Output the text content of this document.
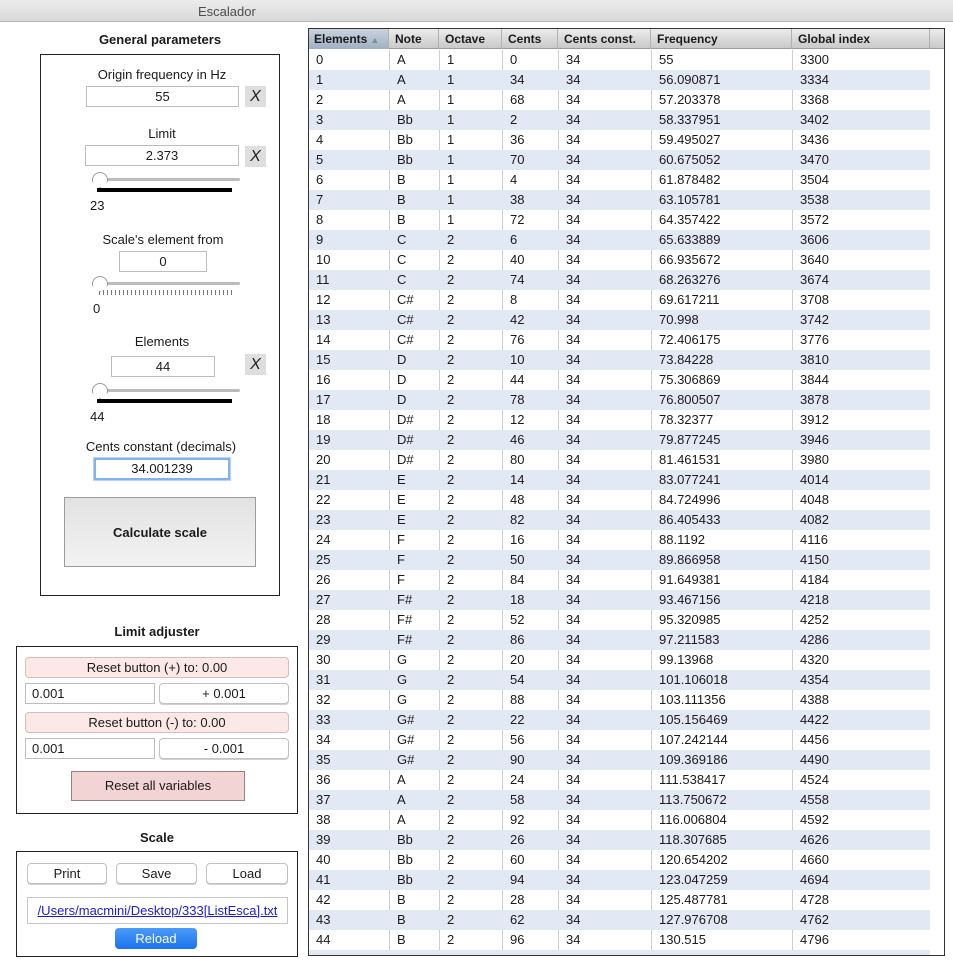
Escalador
General parameters
Origin frequency in Hz
55	X
Limit
2.373	X
23
Scale's element from
0
0
Elements
44	X
44
Cents constant (decimals)
34.001239
Calculate scale
Limit adjuster
Reset button (+) to: 0.00
0.001	+ 0.001
Reset button (-) to: 0.00
0.001	- 0.001
Reset all variables
Scale
Print	Save	Load
/Users/macmini/Desktop/333[ListEsca].txt
Reload
Elements ▲	Note	Octave	Cents	Cents const.	Frequency	Global index
0	A	1	0	34	55	3300
1	A	1	34	34	56.090871	3334
2	A	1	68	34	57.203378	3368
3	Bb	1	2	34	58.337951	3402
4	Bb	1	36	34	59.495027	3436
5	Bb	1	70	34	60.675052	3470
6	B	1	4	34	61.878482	3504
7	B	1	38	34	63.105781	3538
8	B	1	72	34	64.357422	3572
9	C	2	6	34	65.633889	3606
10	C	2	40	34	66.935672	3640
11	C	2	74	34	68.263276	3674
12	C#	2	8	34	69.617211	3708
13	C#	2	42	34	70.998	3742
14	C#	2	76	34	72.406175	3776
15	D	2	10	34	73.84228	3810
16	D	2	44	34	75.306869	3844
17	D	2	78	34	76.800507	3878
18	D#	2	12	34	78.32377	3912
19	D#	2	46	34	79.877245	3946
20	D#	2	80	34	81.461531	3980
21	E	2	14	34	83.077241	4014
22	E	2	48	34	84.724996	4048
23	E	2	82	34	86.405433	4082
24	F	2	16	34	88.1192	4116
25	F	2	50	34	89.866958	4150
26	F	2	84	34	91.649381	4184
27	F#	2	18	34	93.467156	4218
28	F#	2	52	34	95.320985	4252
29	F#	2	86	34	97.211583	4286
30	G	2	20	34	99.13968	4320
31	G	2	54	34	101.106018	4354
32	G	2	88	34	103.111356	4388
33	G#	2	22	34	105.156469	4422
34	G#	2	56	34	107.242144	4456
35	G#	2	90	34	109.369186	4490
36	A	2	24	34	111.538417	4524
37	A	2	58	34	113.750672	4558
38	A	2	92	34	116.006804	4592
39	Bb	2	26	34	118.307685	4626
40	Bb	2	60	34	120.654202	4660
41	Bb	2	94	34	123.047259	4694
42	B	2	28	34	125.487781	4728
43	B	2	62	34	127.976708	4762
44	B	2	96	34	130.515	4796
